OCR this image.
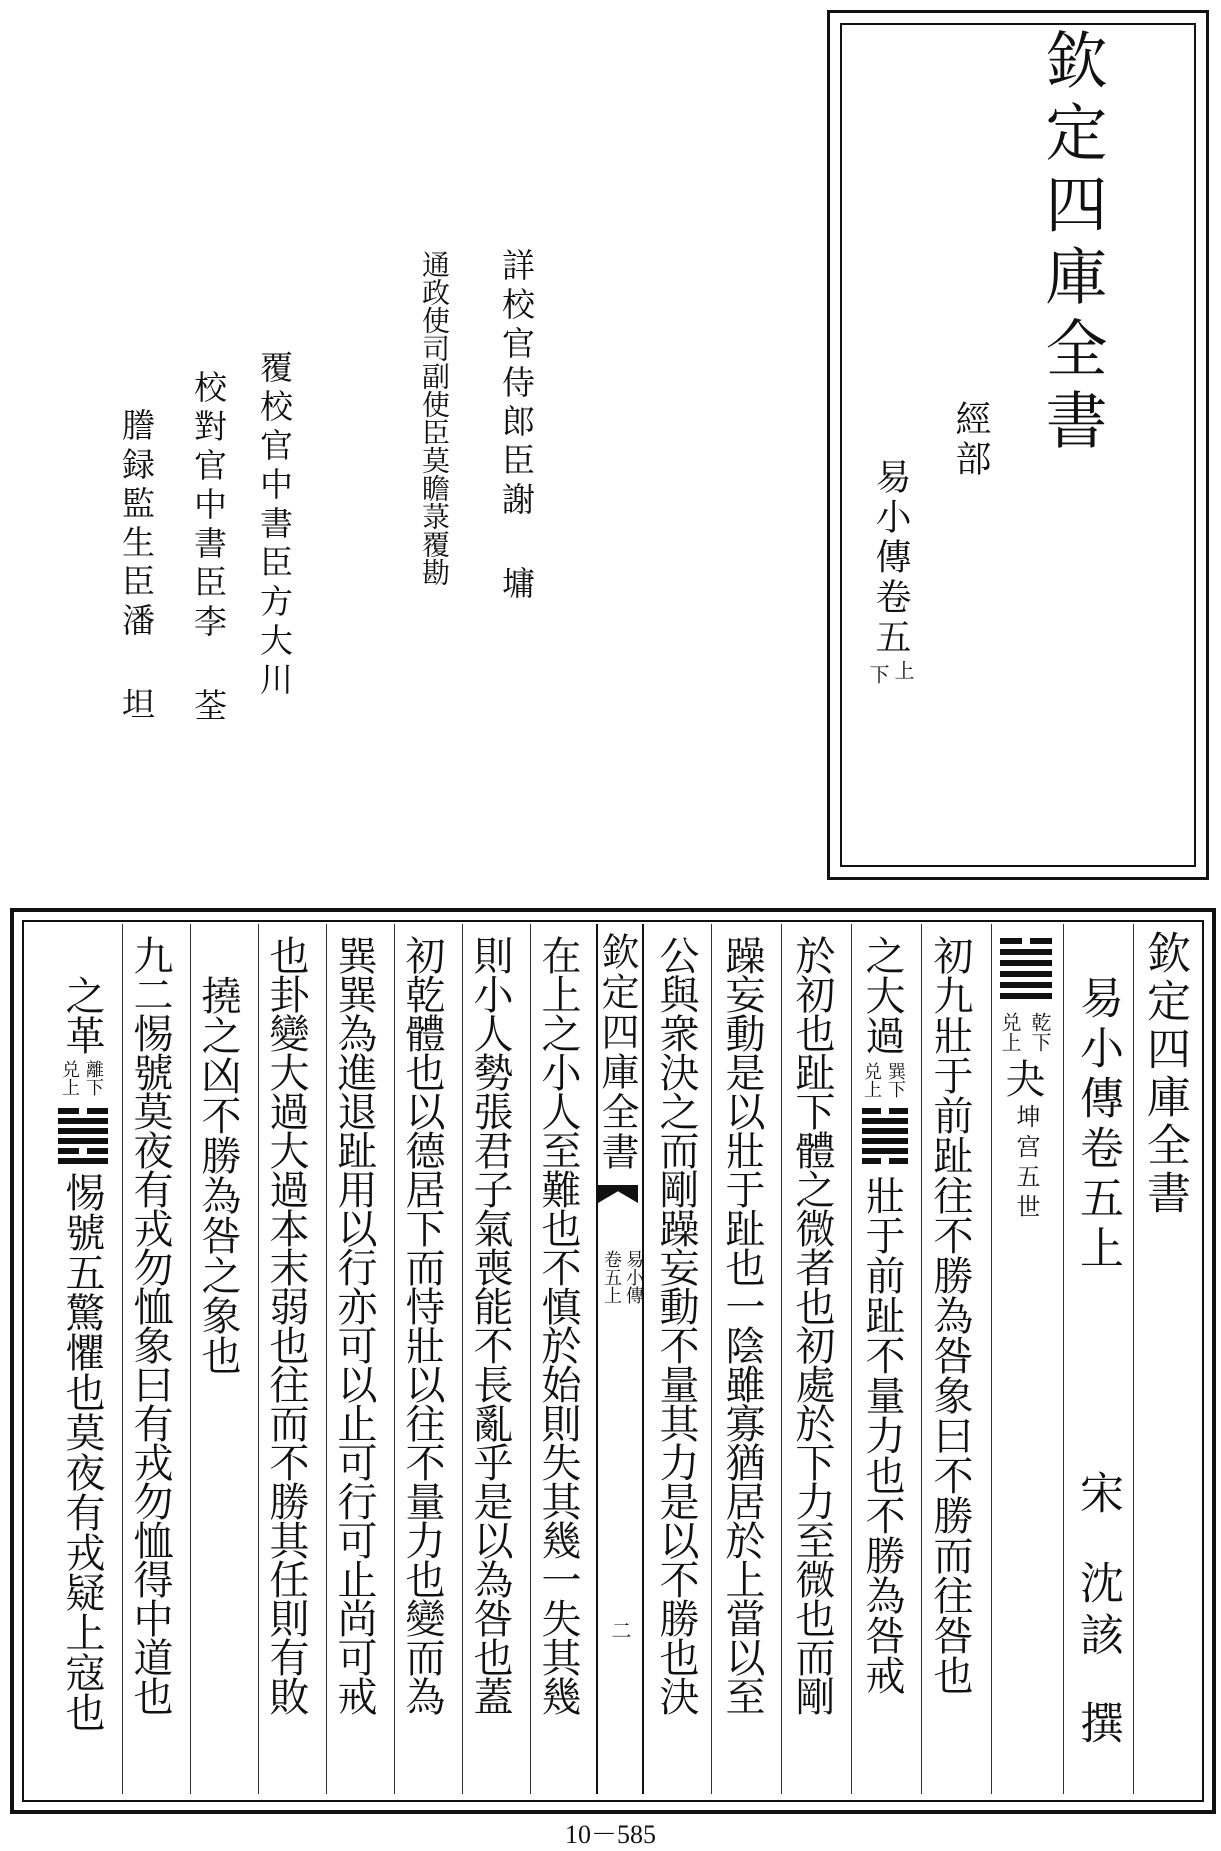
欽定四庫全書
經部
易小傳卷五
上
下
詳校官侍郎臣謝 墉
通政使司副使臣莫瞻菉覆勘
覆校官中書臣方大川
校對官中書臣李 荃
謄録監生臣潘 坦
欽定四庫全書
易小傳卷五上
宋
沈該
撰
兑上 乾下
夬
坤宫五世
初九壯于前趾往不勝為咎象曰不勝而往咎也
之大過
兑上 巽下
壯于前趾不量力也不勝為咎戒
於初也趾下體之微者也初處於下力至微也而剛
躁妄動是以壯于趾也一陰雖寡猶居於上當以至
公與衆決之而剛躁妄動不量其力是以不勝也決
欽定四庫全書
易小傳
卷五上
二
在上之小人至難也不慎於始則失其幾一失其幾
則小人勢張君子氣喪能不長亂乎是以為咎也蓋
初乾體也以德居下而恃壯以往不量力也變而為
巽巽為進退趾用以行亦可以止可行可止尚可戒
也卦變大過大過本末弱也往而不勝其任則有敗
撓之凶不勝為咎之象也
九二惕號莫夜有戎勿恤象曰有戎勿恤得中道也
之革
兑上 離下
惕號五驚懼也莫夜有戎疑上寇也
10－585
